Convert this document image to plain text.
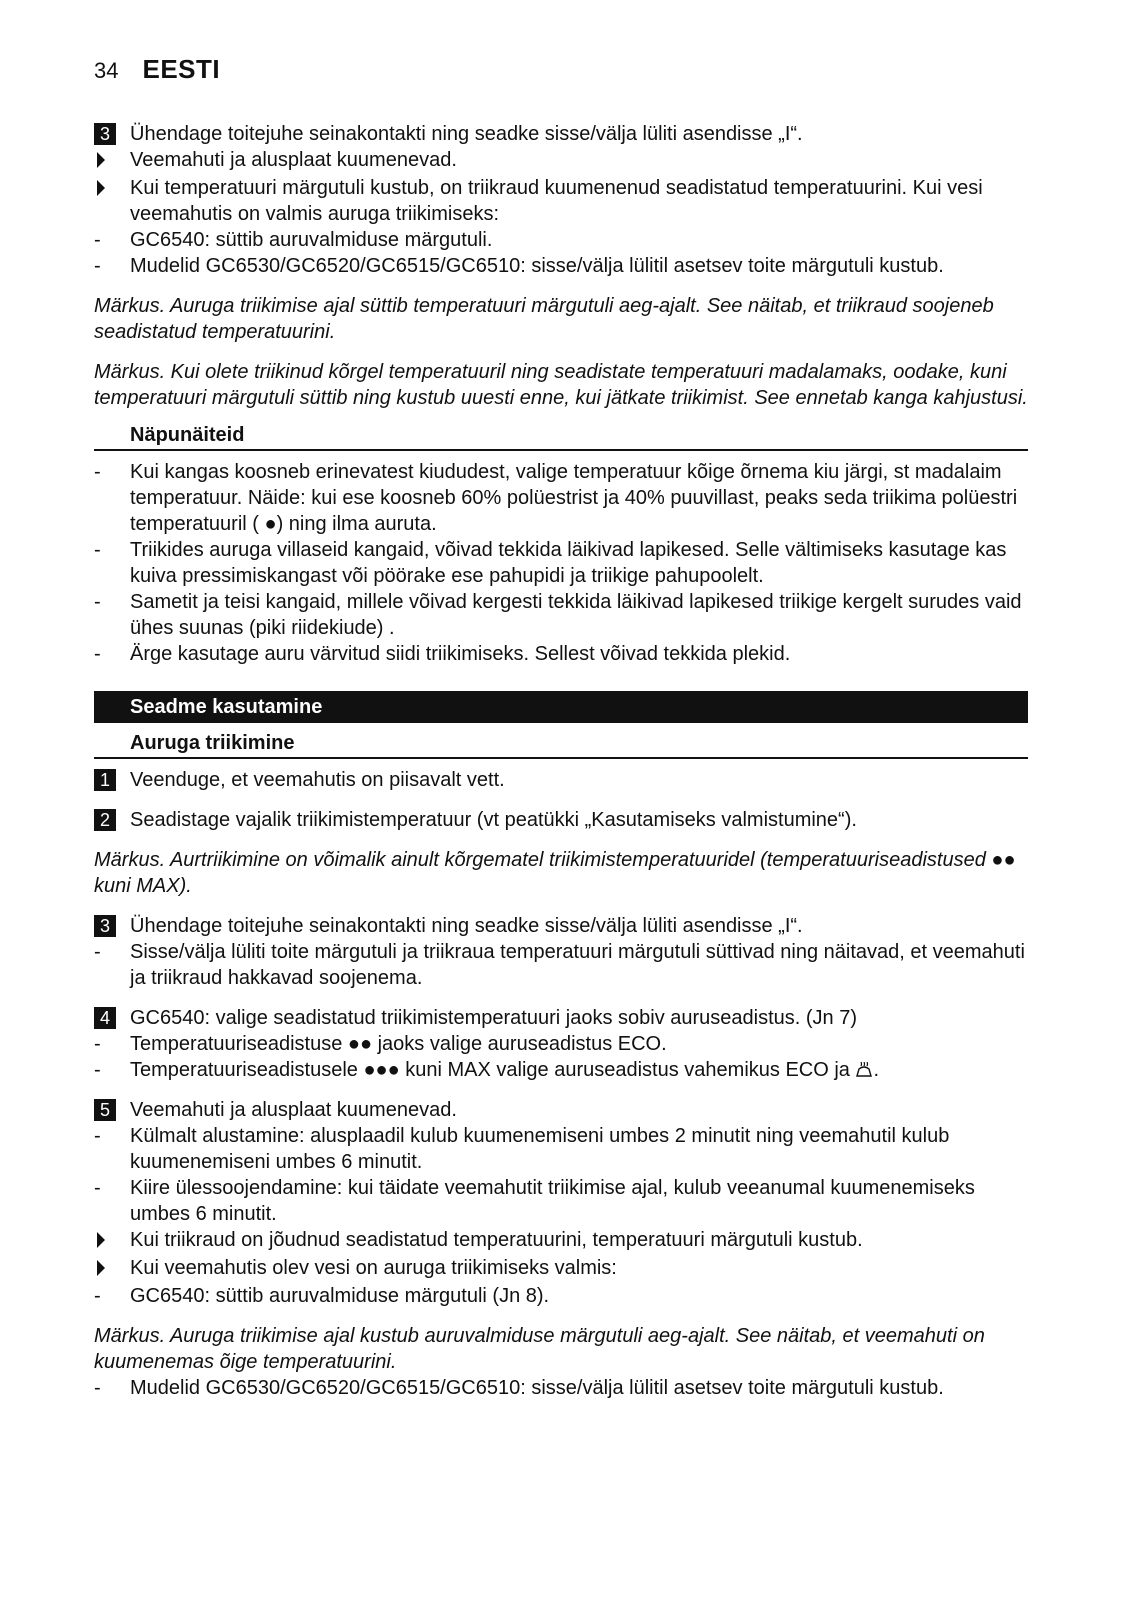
34 EESTI
3	Ühendage toitejuhe seinakontakti ning seadke sisse/välja lüliti asendisse „I“.
Veemahuti ja alusplaat kuumenevad.
Kui temperatuuri märgutuli kustub, on triikraud kuumenenud seadistatud temperatuurini. Kui vesi veemahutis on valmis auruga triikimiseks:
-	GC6540: süttib auruvalmiduse märgutuli.
-	Mudelid GC6530/GC6520/GC6515/GC6510: sisse/välja lülitil asetsev toite märgutuli kustub.
Märkus. Auruga triikimise ajal süttib temperatuuri märgutuli aeg-ajalt. See näitab, et triikraud soojeneb seadistatud temperatuurini.
Märkus. Kui olete triikinud kõrgel temperatuuril ning seadistate temperatuuri madalamaks, oodake, kuni temperatuuri märgutuli süttib ning kustub uuesti enne, kui jätkate triikimist. See ennetab kanga kahjustusi.
Näpunäiteid
-	Kui kangas koosneb erinevatest kiududest, valige temperatuur kõige õrnema kiu järgi, st madalaim temperatuur. Näide: kui ese koosneb 60% polüestrist ja 40% puuvillast, peaks seda triikima polüestri temperatuuril ( ●) ning ilma auruta.
-	Triikides auruga villaseid kangaid, võivad tekkida läikivad lapikesed. Selle vältimiseks kasutage kas kuiva pressimiskangast või pöörake ese pahupidi ja triikige pahupoolelt.
-	Sametit ja teisi kangaid, millele võivad kergesti tekkida läikivad lapikesed triikige kergelt surudes vaid ühes suunas (piki riidekiude) .
-	Ärge kasutage auru värvitud siidi triikimiseks. Sellest võivad tekkida plekid.
Seadme kasutamine
Auruga triikimine
1	Veenduge, et veemahutis on piisavalt vett.
2	Seadistage vajalik triikimistemperatuur (vt peatükki „Kasutamiseks valmistumine“).
Märkus. Aurtriikimine on võimalik ainult kõrgematel triikimistemperatuuridel (temperatuuriseadistused ●● kuni MAX).
3	Ühendage toitejuhe seinakontakti ning seadke sisse/välja lüliti asendisse „I“.
-	Sisse/välja lüliti toite märgutuli ja triikraua temperatuuri märgutuli süttivad ning näitavad, et veemahuti ja triikraud hakkavad soojenema.
4	GC6540: valige seadistatud triikimistemperatuuri jaoks sobiv auruseadistus. (Jn 7)
-	Temperatuuriseadistuse ●● jaoks valige auruseadistus ECO.
-	Temperatuuriseadistusele ●●● kuni MAX valige auruseadistus vahemikus ECO ja .
5	Veemahuti ja alusplaat kuumenevad.
-	Külmalt alustamine: alusplaadil kulub kuumenemiseni umbes 2 minutit ning veemahutil kulub kuumenemiseni umbes 6 minutit.
-	Kiire ülessoojendamine: kui täidate veemahutit triikimise ajal, kulub veeanumal kuumenemiseks umbes 6 minutit.
Kui triikraud on jõudnud seadistatud temperatuurini, temperatuuri märgutuli kustub.
Kui veemahutis olev vesi on auruga triikimiseks valmis:
-	GC6540: süttib auruvalmiduse märgutuli (Jn 8).
Märkus. Auruga triikimise ajal kustub auruvalmiduse märgutuli aeg-ajalt. See näitab, et veemahuti on kuumenemas õige temperatuurini.
-	Mudelid GC6530/GC6520/GC6515/GC6510: sisse/välja lülitil asetsev toite märgutuli kustub.
